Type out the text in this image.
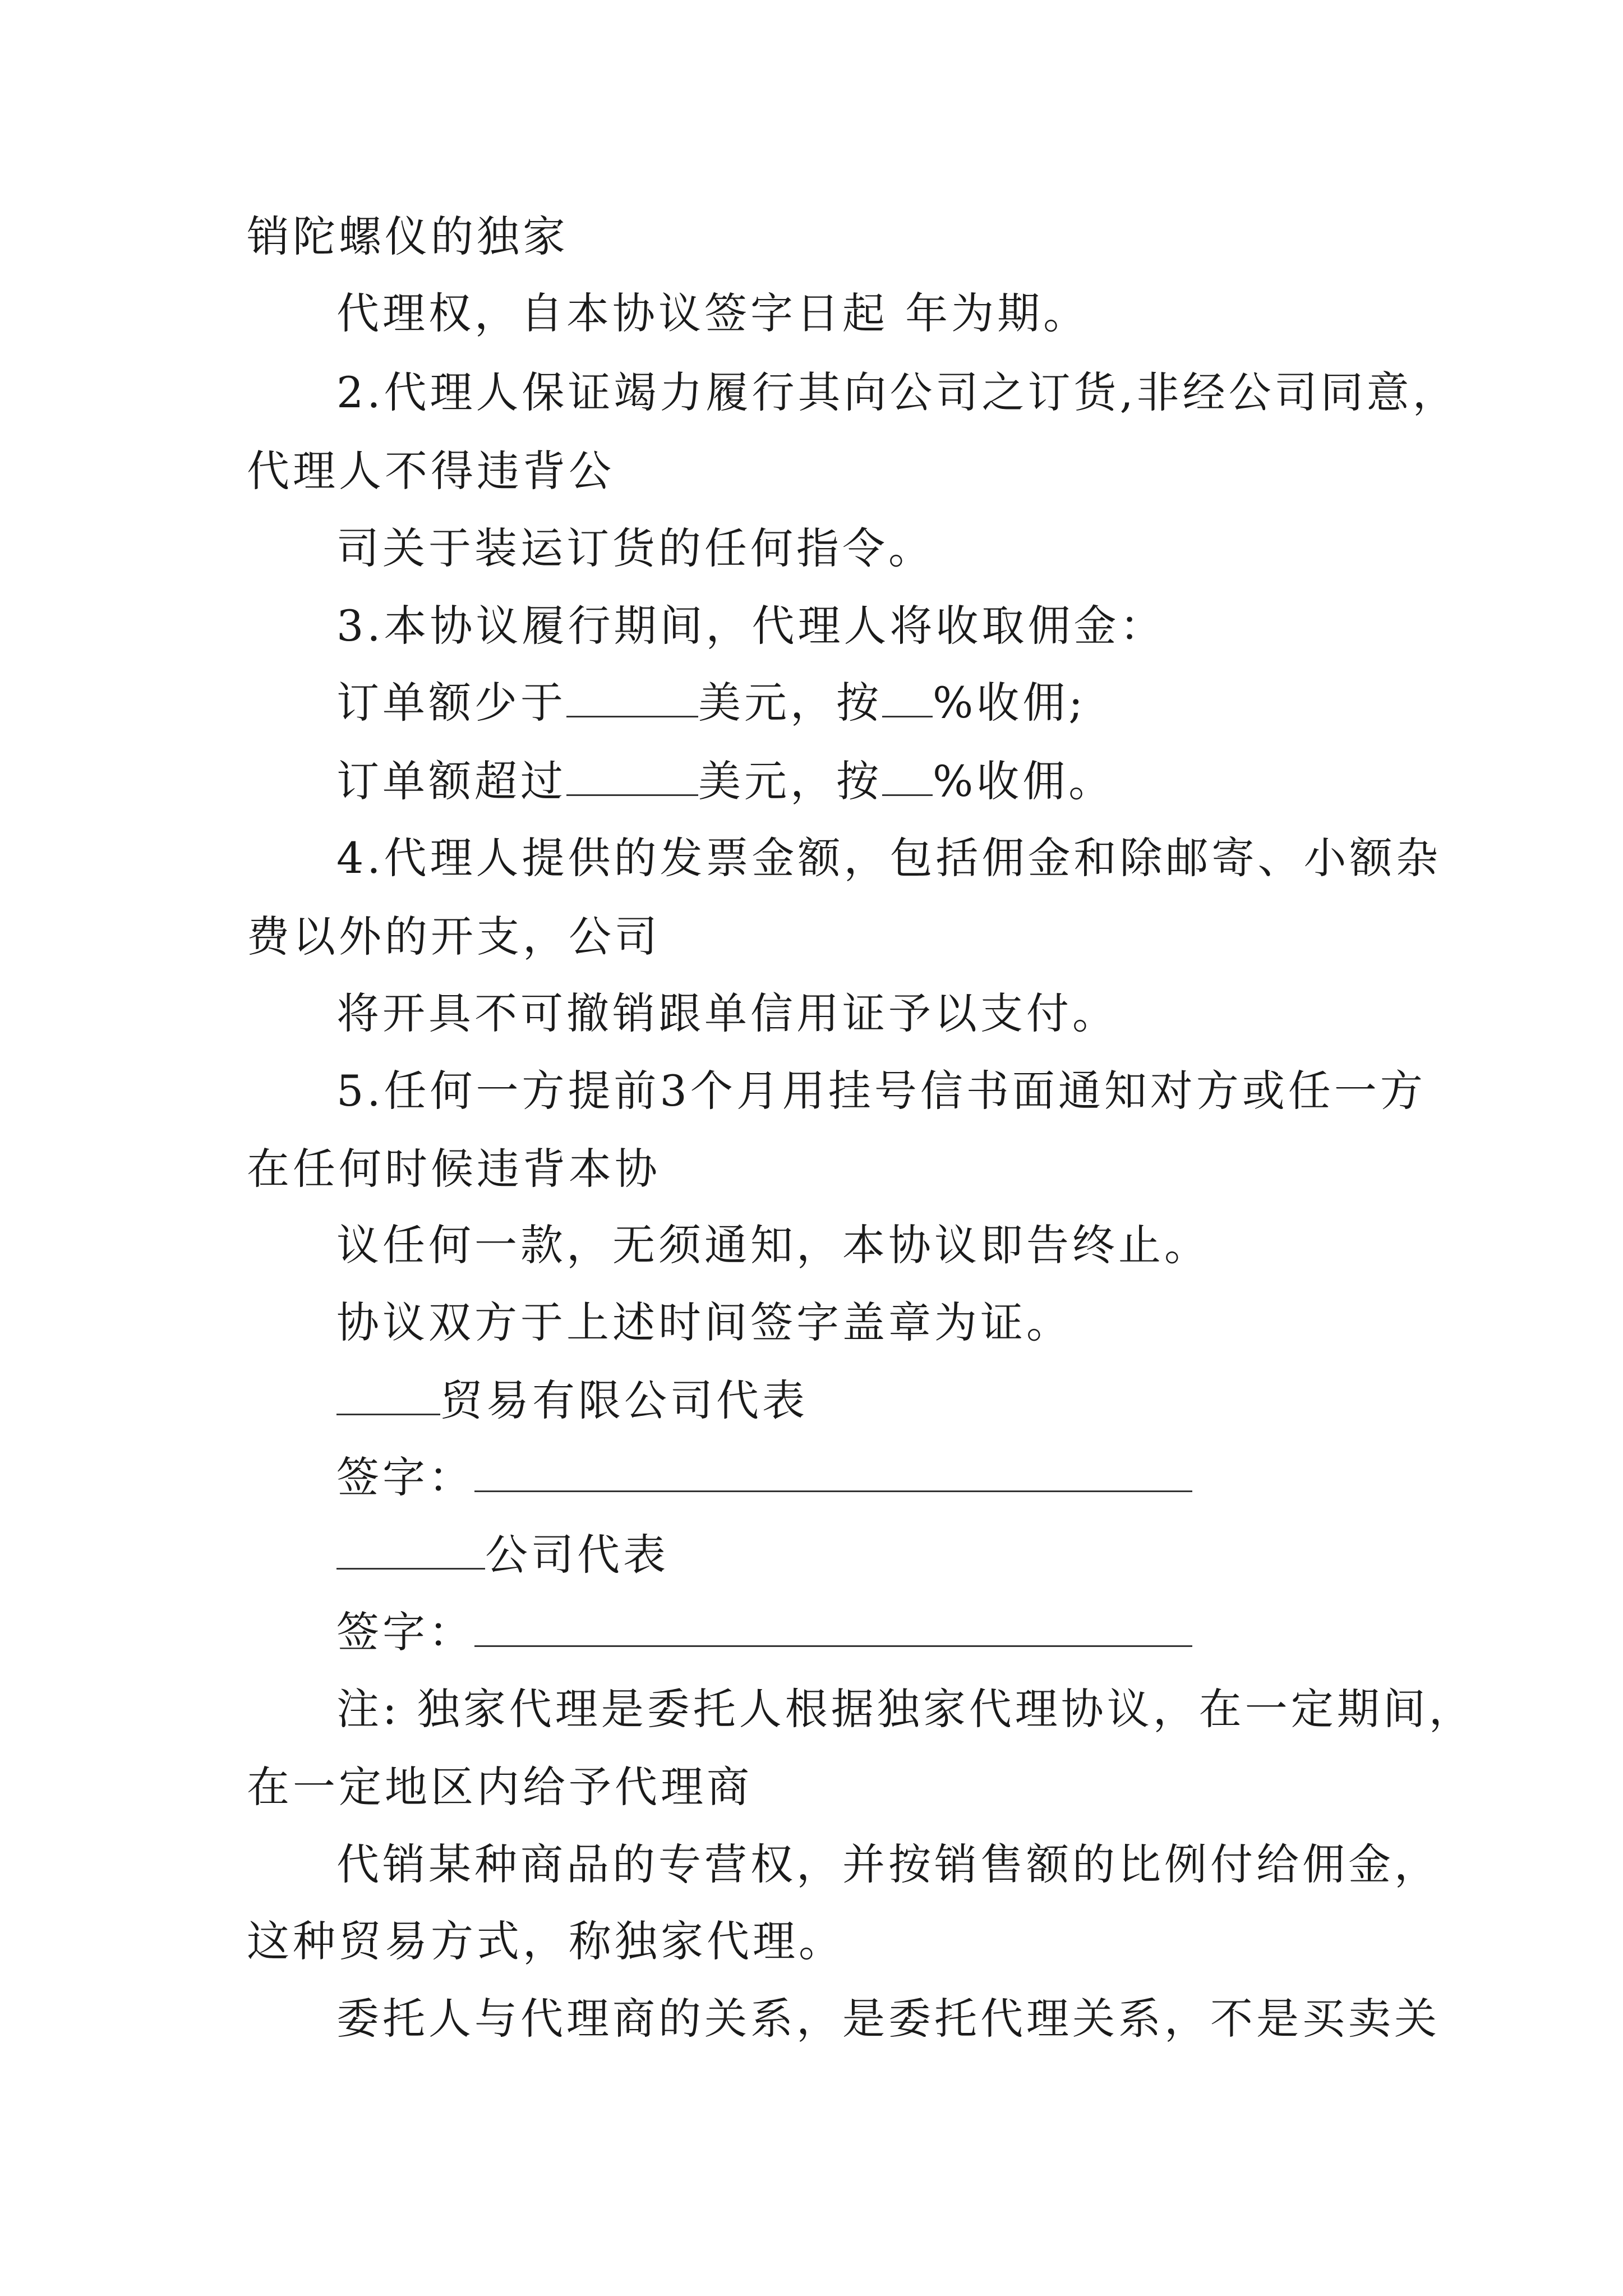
销陀螺仪的独家
代理权，自本协议签字日起 年为期。
2.代理人保证竭力履行其向公司之订货,非经公司同意，
代理人不得违背公
司关于装运订货的任何指令。
3.本协议履行期间，代理人将收取佣金：
订单额少于	美元，按 %收佣;
订单额超过	美元，按 %收佣。
4.代理人提供的发票金额，包括佣金和除邮寄、小额杂
费以外的开支，公司
将开具不可撤销跟单信用证予以支付。
5.任何一方提前3个月用挂号信书面通知对方或任一方
在任何时候违背本协
议任何一款，无须通知，本协议即告终止。
协议双方于上述时间签字盖章为证。
贸易有限公司代表
签字：
公司代表
签字：
注: 独家代理是委托人根据独家代理协议，在一定期间，
在一定地区内给予代理商
代销某种商品的专营权，并按销售额的比例付给佣金，
这种贸易方式，称独家代理。
委托人与代理商的关系，是委托代理关系，不是买卖关
